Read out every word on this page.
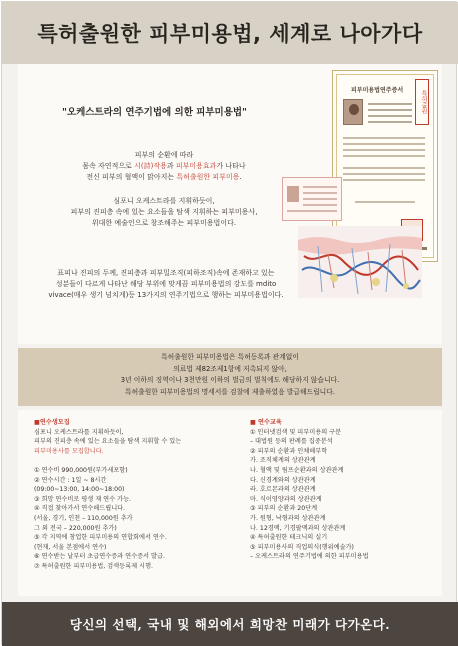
특허출원한 피부미용법, 세계로 나아가다
"오케스트라의 연주기법에 의한 피부미용법"
피부의 순환에 따라
몸속 자연적으로 시(詩)작용과 피부미용효과가 나타나
전신 피부의 혈액이 맑아지는 특허출원한 피부미용.
심포니 오케스트라를 지휘하듯이,
피부의 진피층 속에 있는 요소들을 탐색 지휘하는 피부미용사,
위대한 예술인으로 창조해주는 피부미용법이다.
표피나 진피의 두께, 진피층과 피부밀조직(피하조직)속에 존재하고 있는
성분들이 다르게 나타난 해당 부위에 맞게끔 피부미용법의 강도를 mdito
vivace(매우 생기 넘치게)등 13가지의 연주기법으로 행하는 피부미용법이다.
피부미용법연주증서	특허출원
특허출원한 피부미용법은 특허등록과 관계없이
의료법 제82조제1항에 저촉되지 않아,
3년 이하의 징역이나 3천만원 이하의 벌금의 벌칙에도 해당하지 않습니다.
특허출원한 피부미용법의 명세서를 검찰에 제출하였음 발급해드립니다.
■연수생모집
심포니 오케스트라를 지휘하듯이,
피부의 진피층 속에 있는 요소들을 탐색 지휘할 수 있는
피부미용사를 모집합니다.

① 연수비 990,000원(부가세포함)
② 연수시간 : 1일 ~ 8시간
(09:00~13:00, 14:00~18:00)
③ 희망 연수비로 평생 재 연수 가능.
④ 직접 찾아가서 연수해드립니다.
(서울, 경기, 인천 – 110,000원 추가
그 외 전국 – 220,000원 추가)
⑤ 각 지역에 창업한 피부미용의 연합회에서 연수.
(현재, 서울 본점에서 연수)
⑥ 연수받는 날부터 초급연수증과 연수증서 발급.
⑦ 특허출원한 피부미용법, 검색등록제 시행.
■ 연수교육
① 인터넷검색 및 피부미용의 구분
– 대법원 등의 판례를 집중분석
② 피부의 순환과 인체해부학
가. 조직체계의 상관관계
나. 혈액 및 림프순환과의 상관관계
다. 신경계와의 상관관계
라. 호르몬과의 상관관계
마. 식이영양과의 상관관계
③ 피부의 순환과 20단계
가. 원형, 낙형과의 상관관계
나. 12경맥, 기경팔맥과의 상관관계
④ 특허출원한 테크닉의 실기
⑤ 피부미용사의 직업의식(행위예술가)
– 오케스트라의 연주기법에 의한 피부미용법
당신의 선택, 국내 및 해외에서 희망찬 미래가 다가온다.
